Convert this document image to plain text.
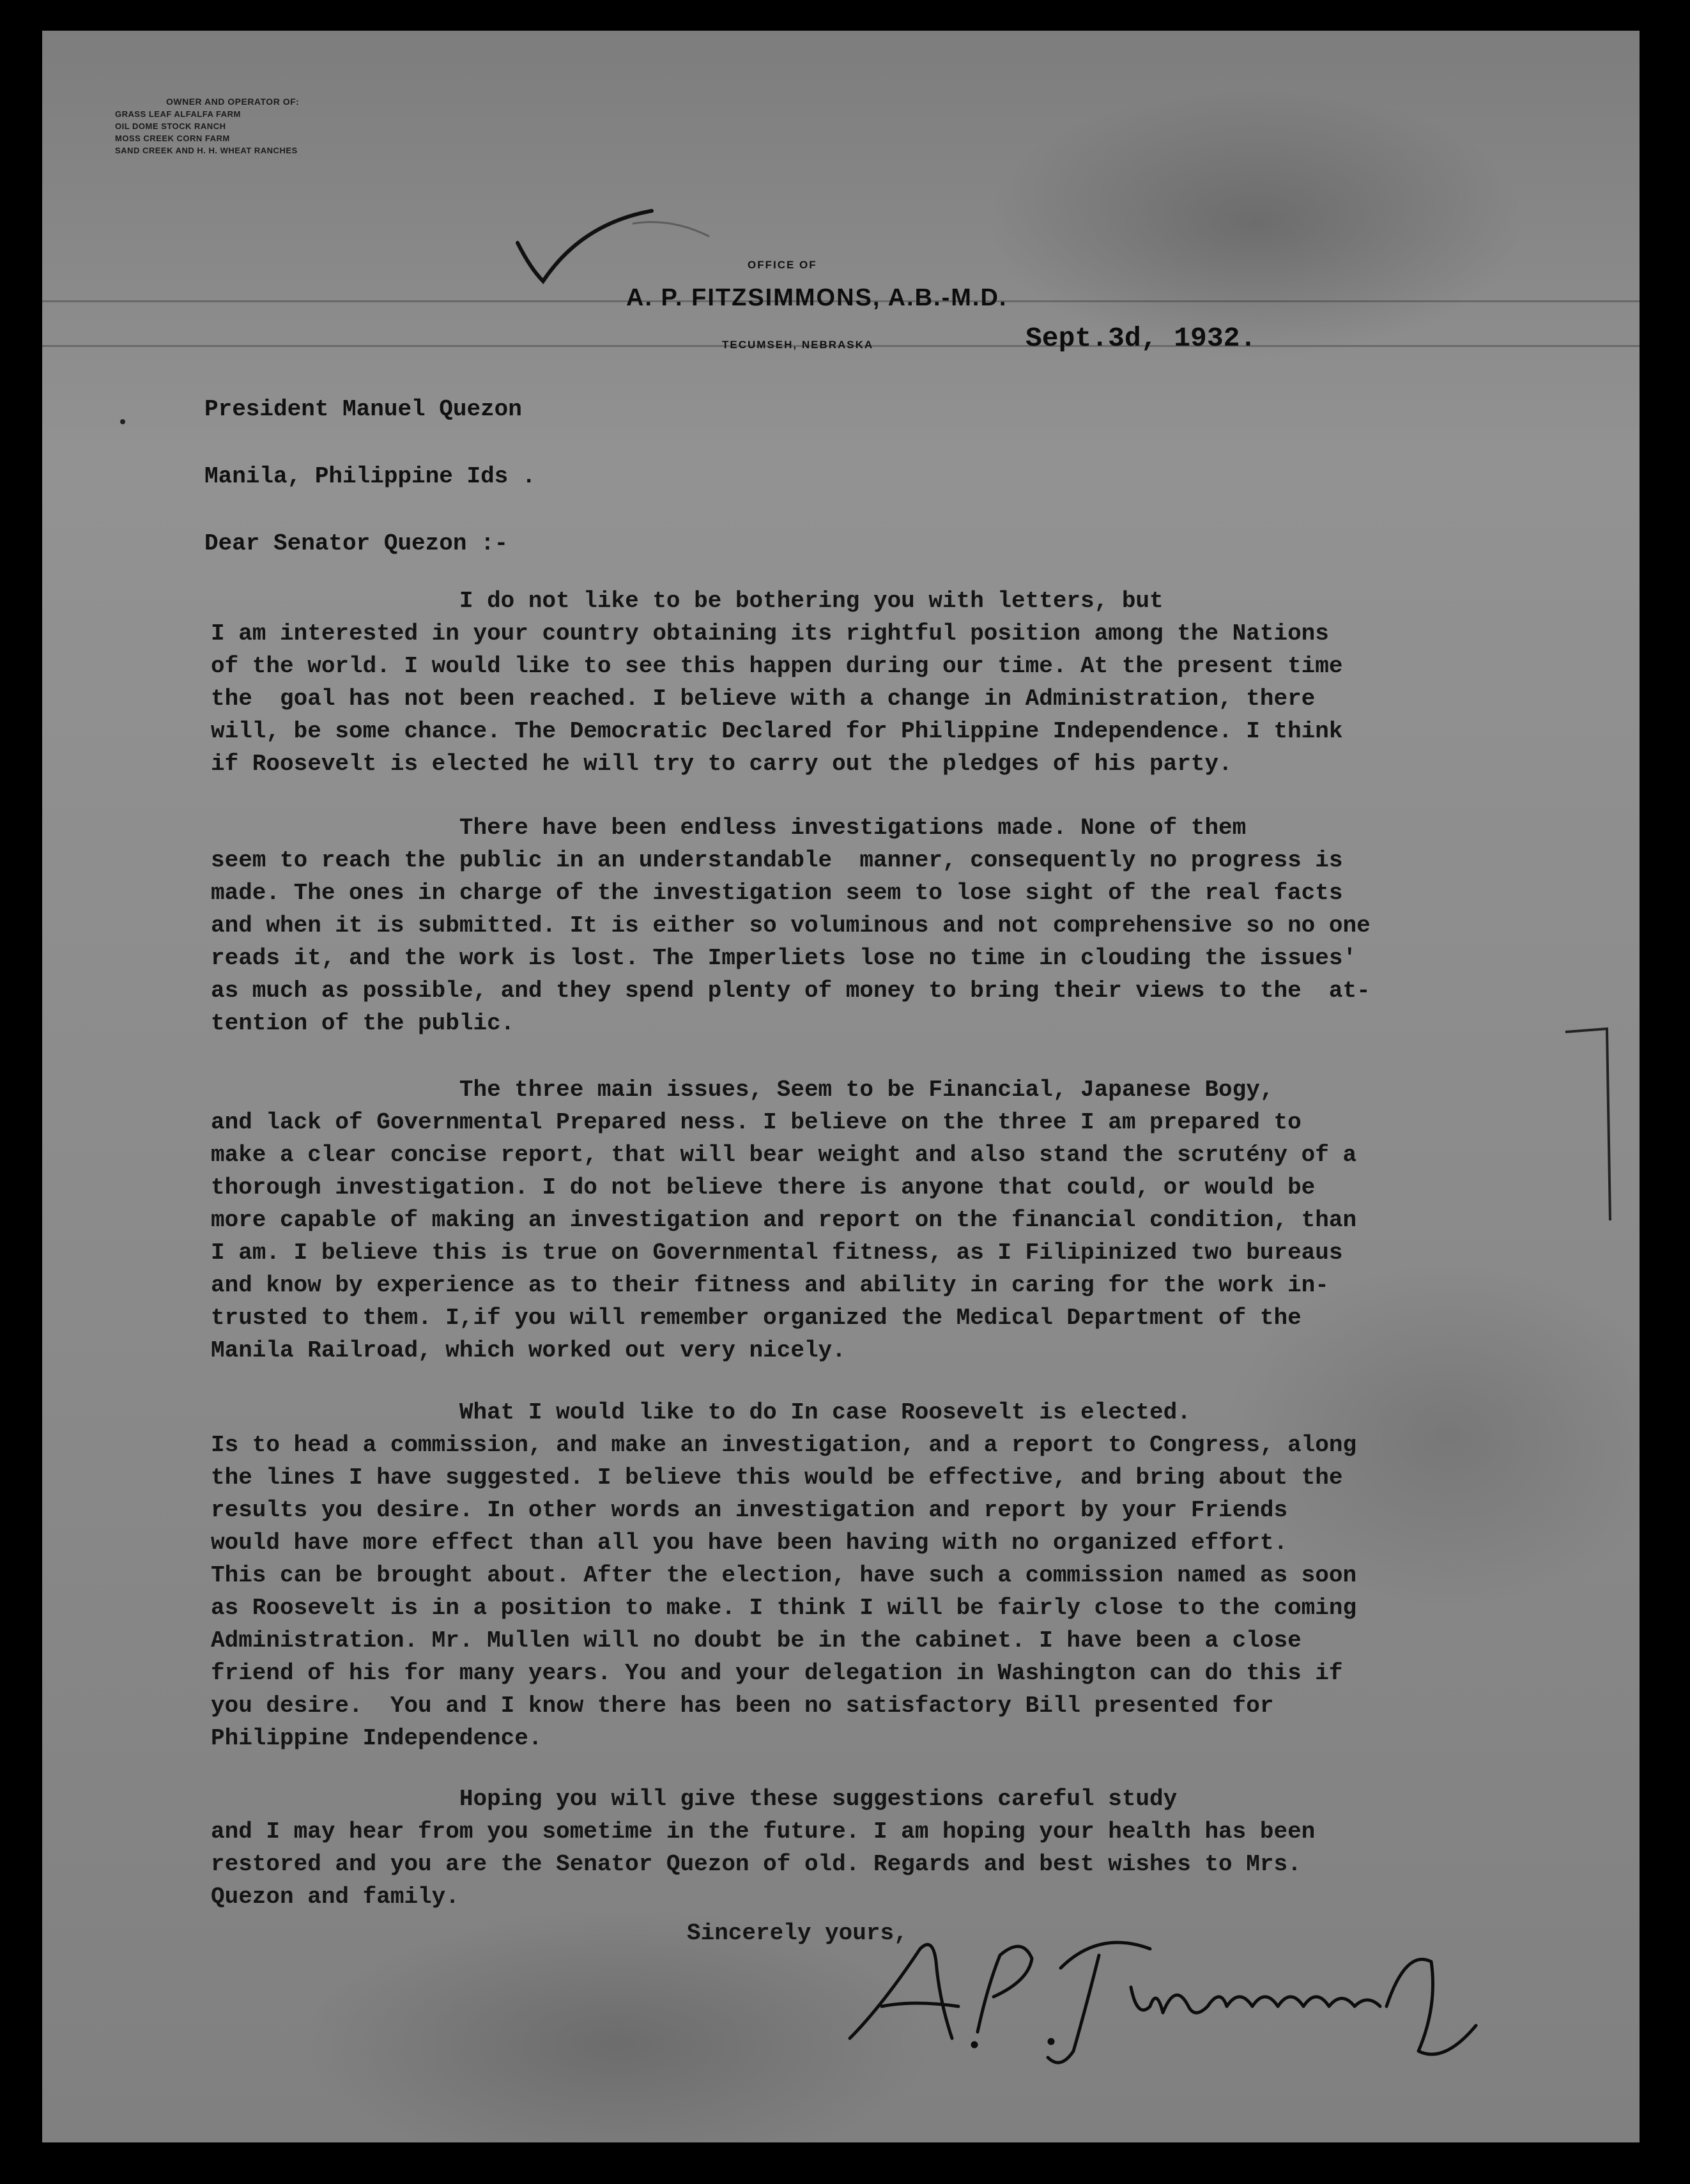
OWNER AND OPERATOR OF:
GRASS LEAF ALFALFA FARM
OIL DOME STOCK RANCH
MOSS CREEK CORN FARM
SAND CREEK AND H. H. WHEAT RANCHES
OFFICE OF
A. P. FITZSIMMONS, A.B.-M.D.
TECUMSEH, NEBRASKA	Sept.3d, 1932.
President Manuel Quezon
Manila, Philippine Ids .
Dear Senator Quezon :-
I do not like to be bothering you with letters, but
I am interested in your country obtaining its rightful position among the Nations
of the world. I would like to see this happen during our time. At the present time
the  goal has not been reached. I believe with a change in Administration, there
will, be some chance. The Democratic Declared for Philippine Independence. I think
if Roosevelt is elected he will try to carry out the pledges of his party.
There have been endless investigations made. None of them
seem to reach the public in an understandable  manner, consequently no progress is
made. The ones in charge of the investigation seem to lose sight of the real facts
and when it is submitted. It is either so voluminous and not comprehensive so no one
reads it, and the work is lost. The Imperliets lose no time in clouding the issues'
as much as possible, and they spend plenty of money to bring their views to the  at-
tention of the public.
The three main issues, Seem to be Financial, Japanese Bogy,
and lack of Governmental Prepared ness. I believe on the three I am prepared to
make a clear concise report, that will bear weight and also stand the scrutény of a
thorough investigation. I do not believe there is anyone that could, or would be
more capable of making an investigation and report on the financial condition, than
I am. I believe this is true on Governmental fitness, as I Filipinized two bureaus
and know by experience as to their fitness and ability in caring for the work in-
trusted to them. I,if you will remember organized the Medical Department of the
Manila Railroad, which worked out very nicely.
What I would like to do In case Roosevelt is elected.
Is to head a commission, and make an investigation, and a report to Congress, along
the lines I have suggested. I believe this would be effective, and bring about the
results you desire. In other words an investigation and report by your Friends
would have more effect than all you have been having with no organized effort.
This can be brought about. After the election, have such a commission named as soon
as Roosevelt is in a position to make. I think I will be fairly close to the coming
Administration. Mr. Mullen will no doubt be in the cabinet. I have been a close
friend of his for many years. You and your delegation in Washington can do this if
you desire.  You and I know there has been no satisfactory Bill presented for
Philippine Independence.
Hoping you will give these suggestions careful study
and I may hear from you sometime in the future. I am hoping your health has been
restored and you are the Senator Quezon of old. Regards and best wishes to Mrs.
Quezon and family.
Sincerely yours,
